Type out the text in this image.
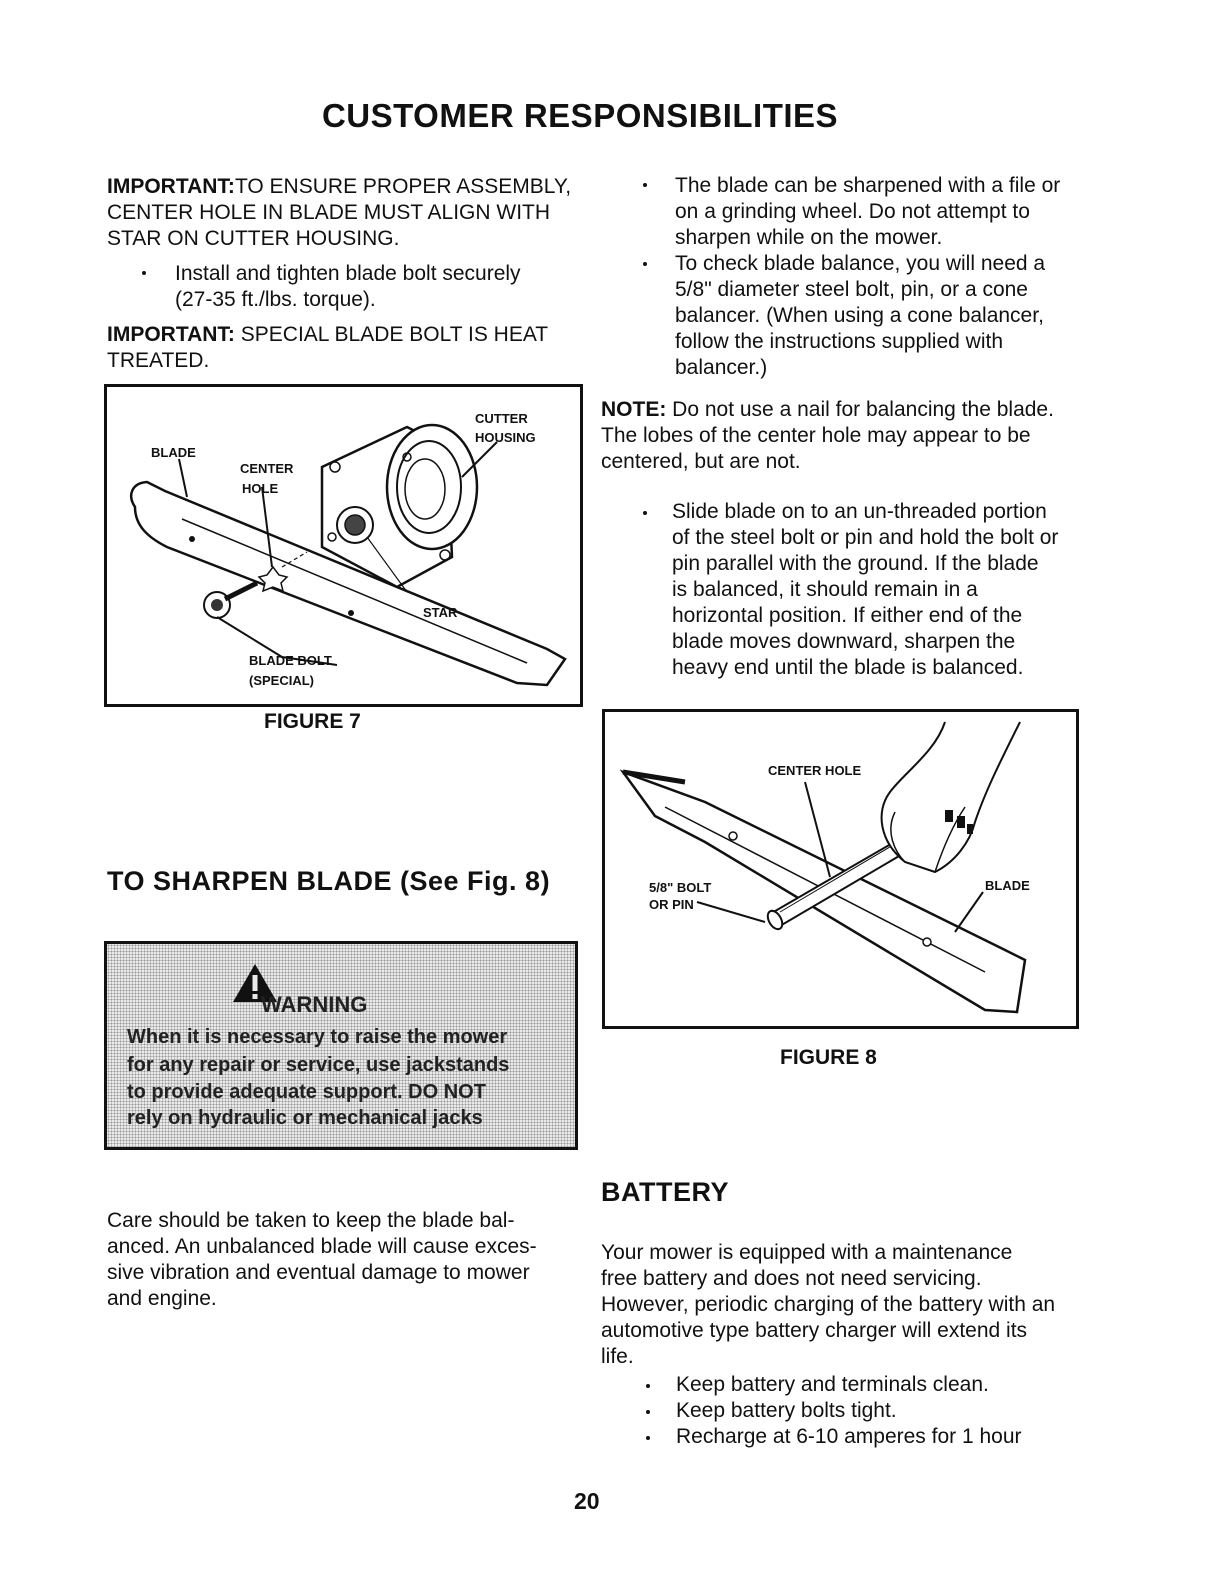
CUSTOMER RESPONSIBILITIES
IMPORTANT:TO ENSURE PROPER ASSEMBLY,
CENTER HOLE IN BLADE MUST ALIGN WITH
STAR ON CUTTER HOUSING.
Install and tighten blade bolt securely
(27-35 ft./lbs. torque).
IMPORTANT: SPECIAL BLADE BOLT IS HEAT
TREATED.
BLADE
CENTER
HOLE
CUTTER
HOUSING
STAR
BLADE BOLT
(SPECIAL)
FIGURE 7
TO SHARPEN BLADE (See Fig. 8)
WARNING
When it is necessary to raise the mower
for any repair or service, use jackstands
to provide adequate support. DO NOT
rely on hydraulic or mechanical jacks
Care should be taken to keep the blade bal-
anced. An unbalanced blade will cause exces-
sive vibration and eventual damage to mower
and engine.
The blade can be sharpened with a file or
on a grinding wheel. Do not attempt to
sharpen while on the mower.
To check blade balance, you will need a
5/8" diameter steel bolt, pin, or a cone
balancer. (When using a cone balancer,
follow the instructions supplied with
balancer.)
NOTE: Do not use a nail for balancing the blade.
The lobes of the center hole may appear to be
centered, but are not.
Slide blade on to an un-threaded portion
of the steel bolt or pin and hold the bolt or
pin parallel with the ground. If the blade
is balanced, it should remain in a
horizontal position. If either end of the
blade moves downward, sharpen the
heavy end until the blade is balanced.
CENTER HOLE
5/8" BOLT
OR PIN
BLADE
FIGURE 8
BATTERY
Your mower is equipped with a maintenance
free battery and does not need servicing.
However, periodic charging of the battery with an
automotive type battery charger will extend its
life.
Keep battery and terminals clean.
Keep battery bolts tight.
Recharge at 6-10 amperes for 1 hour
20
